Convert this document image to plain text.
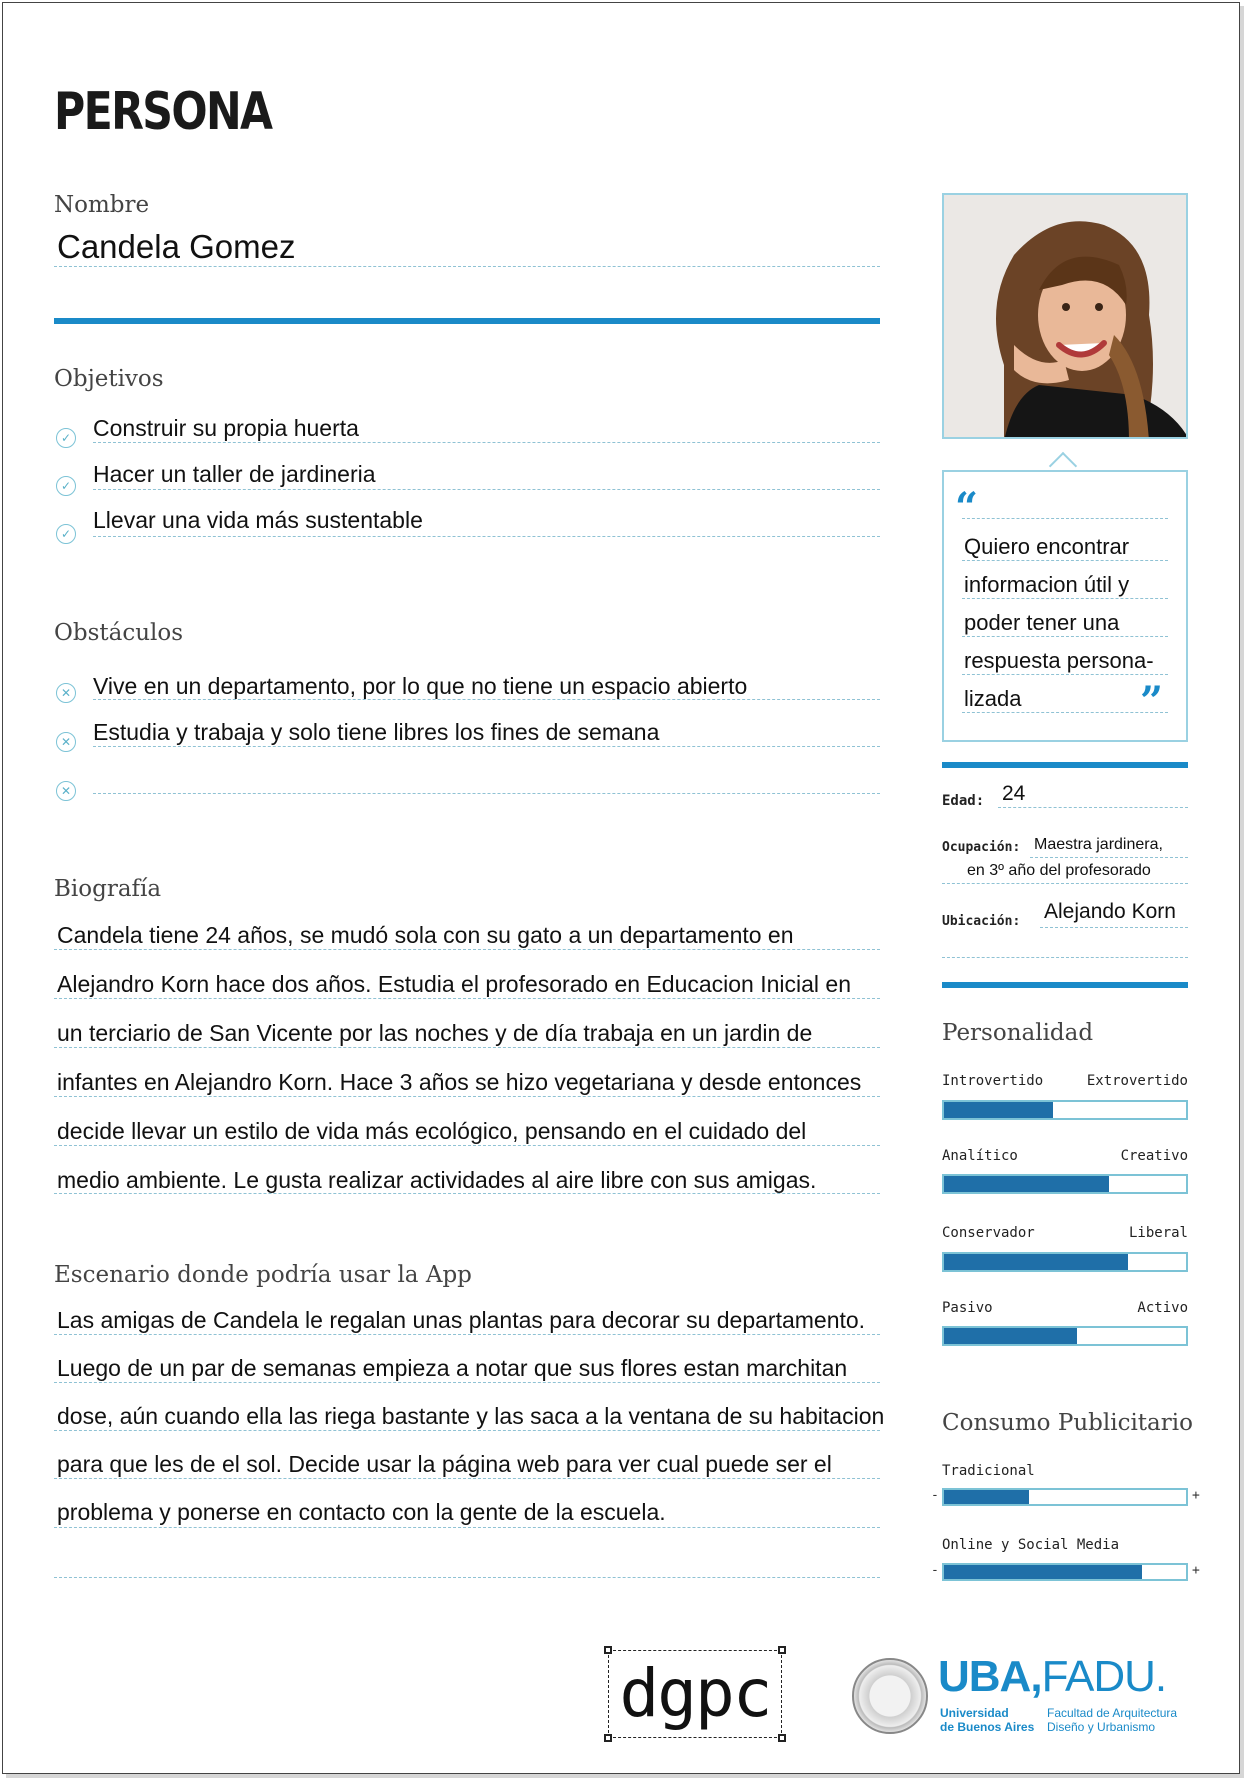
PERSONA
Nombre
Candela Gomez
Objetivos
✓ Construir su propia huerta
✓ Hacer un taller de jardineria
✓
Llevar una vida más sustentable
Obstáculos
✕ Vive en un departamento, por lo que no tiene un espacio abierto
✕ Estudia y trabaja y solo tiene libres los fines de semana
✕
Biografía
Candela tiene 24 años, se mudó sola con su gato a un departamento en
Alejandro Korn hace dos años. Estudia el profesorado en Educacion Inicial en
un terciario de San Vicente por las noches y de día trabaja en un jardin de
infantes en Alejandro Korn. Hace 3 años se hizo vegetariana y desde entonces
decide llevar un estilo de vida más ecológico, pensando en el cuidado del
medio ambiente. Le gusta realizar actividades al aire libre con sus amigas.
Escenario donde podría usar la App
Las amigas de Candela le regalan unas plantas para decorar su departamento.
Luego de un par de semanas empieza a notar que sus flores estan marchitan
dose, aún cuando ella las riega bastante y las saca a la ventana de su habitacion
para que les de el sol. Decide usar la página web para ver cual puede ser el
problema y ponerse en contacto con la gente de la escuela.
“
Quiero encontrar
informacion útil y
poder tener una
respuesta persona-
lizada	”
Edad: 24
Ocupación: Maestra jardinera,
en 3º año del profesorado
Ubicación: Alejando Korn
Personalidad
Introvertido	Extrovertido
Analítico	Creativo
Conservador	Liberal
Pasivo	Activo
Consumo Publicitario
Tradicional
-	+
Online y Social Media
-	+
dgpc	UBA,FADU.
Universidad
de Buenos Aires
Facultad de Arquitectura
Diseño y Urbanismo
